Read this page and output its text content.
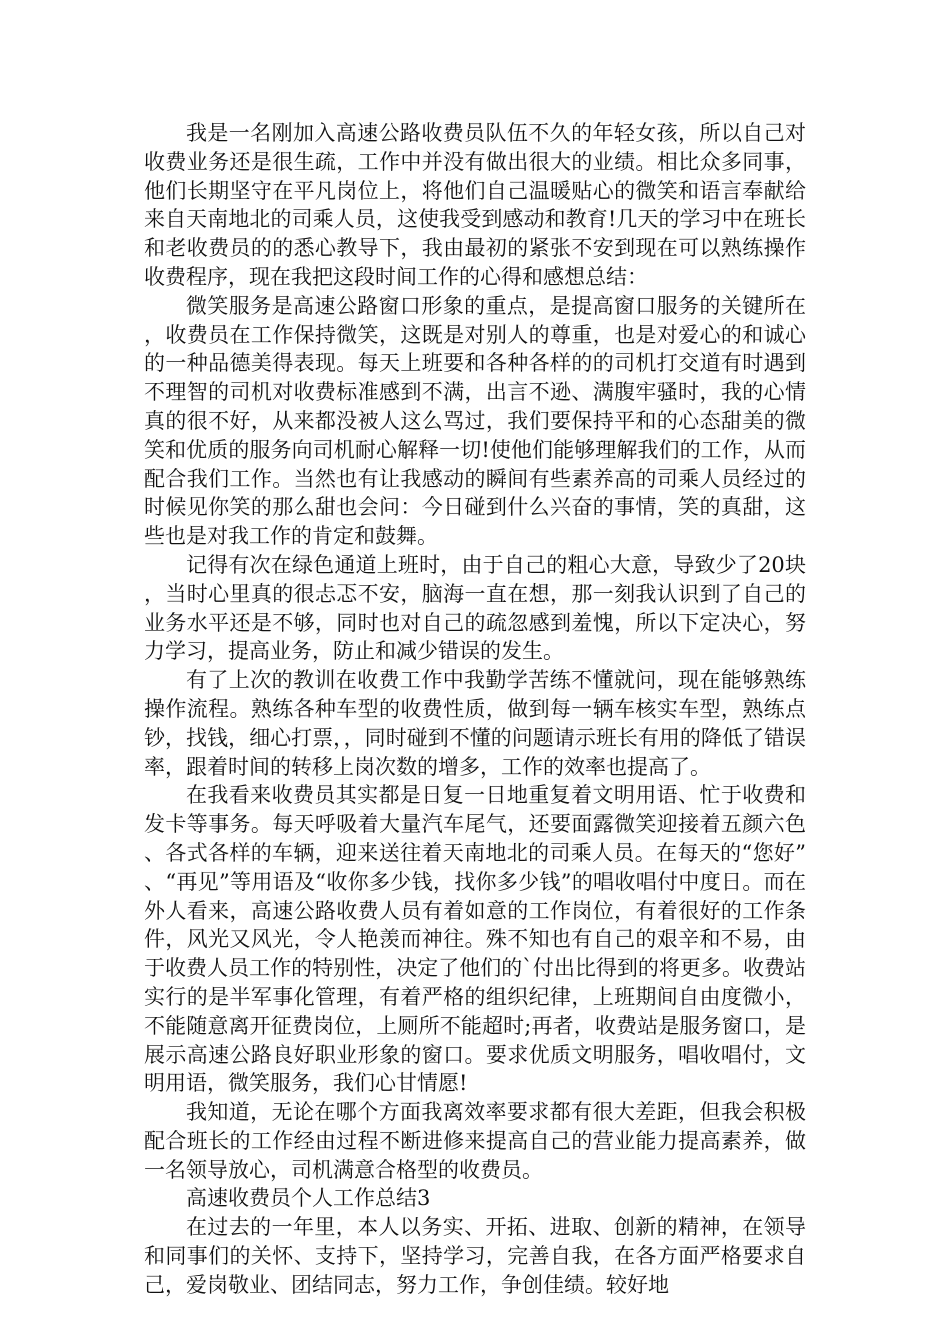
我是一名刚加入高速公路收费员队伍不久的年轻女孩，所以自己对收费业务还是很生疏，工作中并没有做出很大的业绩。相比众多同事，他们长期坚守在平凡岗位上，将他们自己温暖贴心的微笑和语言奉献给来自天南地北的司乘人员，这使我受到感动和教育!几天的学习中在班长和老收费员的的悉心教导下，我由最初的紧张不安到现在可以熟练操作收费程序，现在我把这段时间工作的心得和感想总结：

微笑服务是高速公路窗口形象的重点，是提高窗口服务的关键所在，收费员在工作保持微笑，这既是对别人的尊重，也是对爱心的和诚心的一种品德美得表现。每天上班要和各种各样的的司机打交道有时遇到不理智的司机对收费标准感到不满，出言不逊、满腹牢骚时，我的心情真的很不好，从来都没被人这么骂过，我们要保持平和的心态甜美的微笑和优质的服务向司机耐心解释一切!使他们能够理解我们的工作，从而配合我们工作。当然也有让我感动的瞬间有些素养高的司乘人员经过的时候见你笑的那么甜也会问：今日碰到什么兴奋的事情，笑的真甜，这些也是对我工作的肯定和鼓舞。

记得有次在绿色通道上班时，由于自己的粗心大意，导致少了20块，当时心里真的很忐忑不安，脑海一直在想，那一刻我认识到了自己的业务水平还是不够，同时也对自己的疏忽感到羞愧，所以下定决心，努力学习，提高业务，防止和减少错误的发生。

有了上次的教训在收费工作中我勤学苦练不懂就问，现在能够熟练操作流程。熟练各种车型的收费性质，做到每一辆车核实车型，熟练点钞，找钱，细心打票，，同时碰到不懂的问题请示班长有用的降低了错误率，跟着时间的转移上岗次数的增多，工作的效率也提高了。

在我看来收费员其实都是日复一日地重复着文明用语、忙于收费和发卡等事务。每天呼吸着大量汽车尾气，还要面露微笑迎接着五颜六色、各式各样的车辆，迎来送往着天南地北的司乘人员。在每天的“您好”、“再见”等用语及“收你多少钱，找你多少钱”的唱收唱付中度日。而在外人看来，高速公路收费人员有着如意的工作岗位，有着很好的工作条件，风光又风光，令人艳羡而神往。殊不知也有自己的艰辛和不易，由于收费人员工作的特别性，决定了他们的`付出比得到的将更多。收费站实行的是半军事化管理，有着严格的组织纪律，上班期间自由度微小，不能随意离开征费岗位，上厕所不能超时;再者，收费站是服务窗口，是展示高速公路良好职业形象的窗口。要求优质文明服务，唱收唱付，文明用语，微笑服务，我们心甘情愿!

我知道，无论在哪个方面我离效率要求都有很大差距，但我会积极配合班长的工作经由过程不断进修来提高自己的营业能力提高素养，做一名领导放心，司机满意合格型的收费员。

高速收费员个人工作总结3

在过去的一年里，本人以务实、开拓、进取、创新的精神，在领导和同事们的关怀、支持下，坚持学习，完善自我，在各方面严格要求自己，爱岗敬业、团结同志，努力工作，争创佳绩。较好地
